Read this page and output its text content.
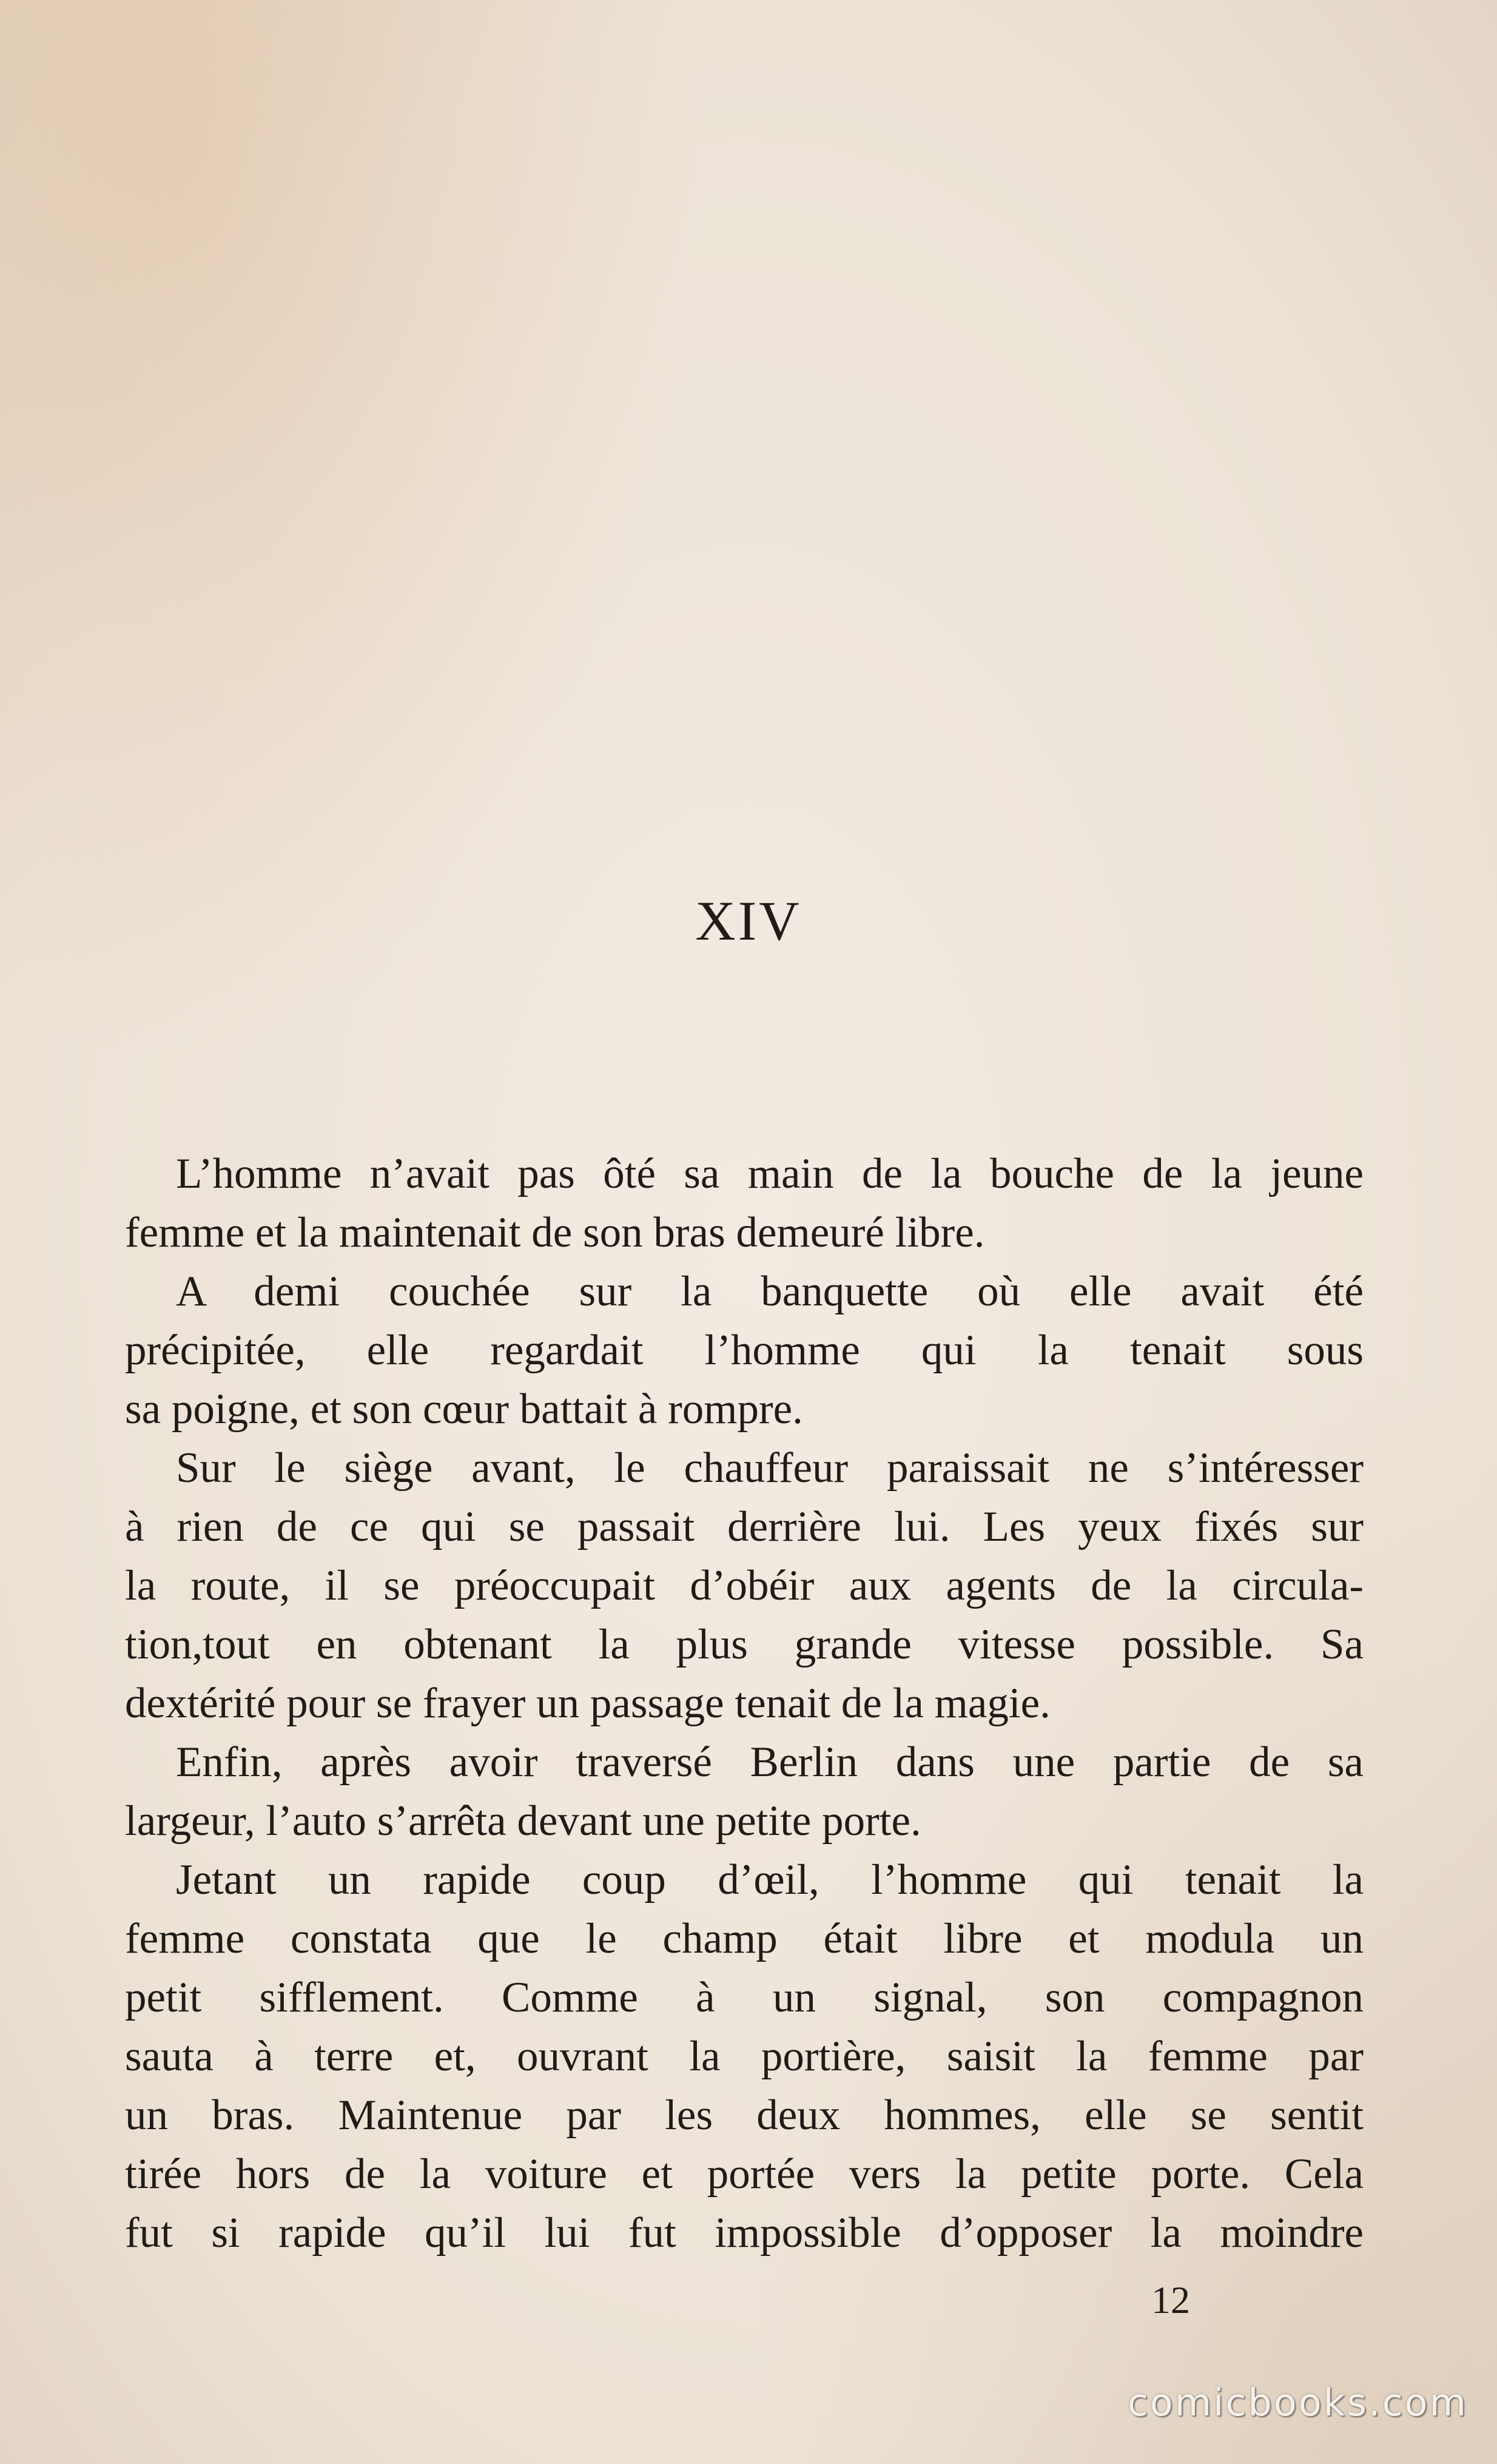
XIV
L’homme n’avait pas ôté sa main de la bouche de la jeune
femme et la maintenait de son bras demeuré libre.
A demi couchée sur la banquette où elle avait été
précipitée, elle regardait l’homme qui la tenait sous
sa poigne, et son cœur battait à rompre.
Sur le siège avant, le chauffeur paraissait ne s’intéresser
à rien de ce qui se passait derrière lui. Les yeux fixés sur
la route, il se préoccupait d’obéir aux agents de la circula-
tion,tout en obtenant la plus grande vitesse possible. Sa
dextérité pour se frayer un passage tenait de la magie.
Enfin, après avoir traversé Berlin dans une partie de sa
largeur, l’auto s’arrêta devant une petite porte.
Jetant un rapide coup d’œil, l’homme qui tenait la
femme constata que le champ était libre et modula un
petit sifflement. Comme à un signal, son compagnon
sauta à terre et, ouvrant la portière, saisit la femme par
un bras. Maintenue par les deux hommes, elle se sentit
tirée hors de la voiture et portée vers la petite porte. Cela
fut si rapide qu’il lui fut impossible d’opposer la moindre
12
comicbooks.com
